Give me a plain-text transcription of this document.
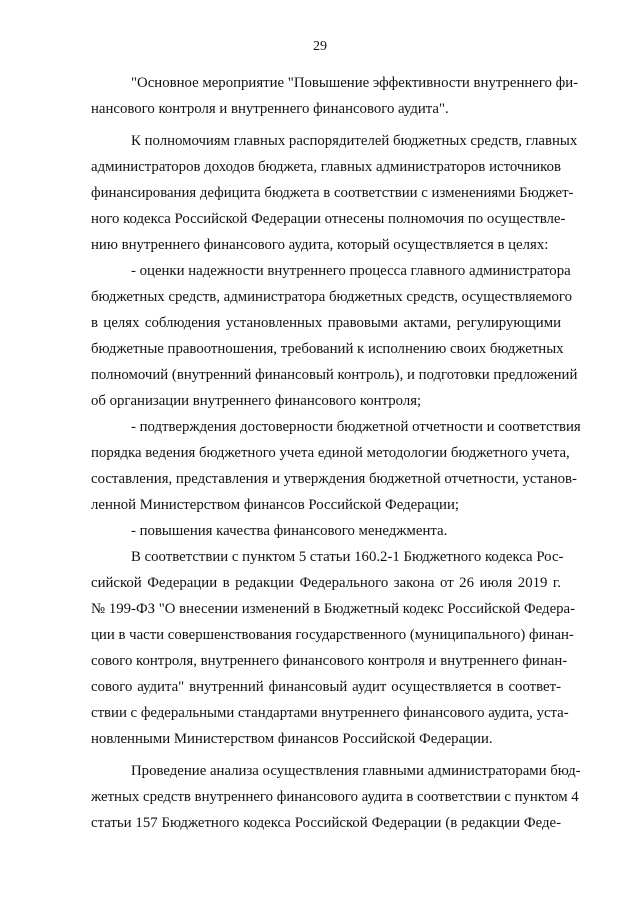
29
"Основное мероприятие "Повышение эффективности внутреннего фи-
нансового контроля и внутреннего финансового аудита".
К полномочиям главных распорядителей бюджетных средств, главных
администраторов доходов бюджета, главных администраторов источников
финансирования дефицита бюджета в соответствии с изменениями Бюджет-
ного кодекса Российской Федерации отнесены полномочия по осуществле-
нию внутреннего финансового аудита, который осуществляется в целях:
- оценки надежности внутреннего процесса главного администратора
бюджетных средств, администратора бюджетных средств, осуществляемого
в целях соблюдения установленных правовыми актами, регулирующими
бюджетные правоотношения, требований к исполнению своих бюджетных
полномочий (внутренний финансовый контроль), и подготовки предложений
об организации внутреннего финансового контроля;
- подтверждения достоверности бюджетной отчетности и соответствия
порядка ведения бюджетного учета единой методологии бюджетного учета,
составления, представления и утверждения бюджетной отчетности, установ-
ленной Министерством финансов Российской Федерации;
- повышения качества финансового менеджмента.
В соответствии с пунктом 5 статьи 160.2-1 Бюджетного кодекса Рос-
сийской Федерации в редакции Федерального закона от 26 июля 2019 г.
№ 199-ФЗ "О внесении изменений в Бюджетный кодекс Российской Федера-
ции в части совершенствования государственного (муниципального) финан-
сового контроля, внутреннего финансового контроля и внутреннего финан-
сового аудита" внутренний финансовый аудит осуществляется в соответ-
ствии с федеральными стандартами внутреннего финансового аудита, уста-
новленными Министерством финансов Российской Федерации.
Проведение анализа осуществления главными администраторами бюд-
жетных средств внутреннего финансового аудита в соответствии с пунктом 4
статьи 157 Бюджетного кодекса Российской Федерации (в редакции Феде-
